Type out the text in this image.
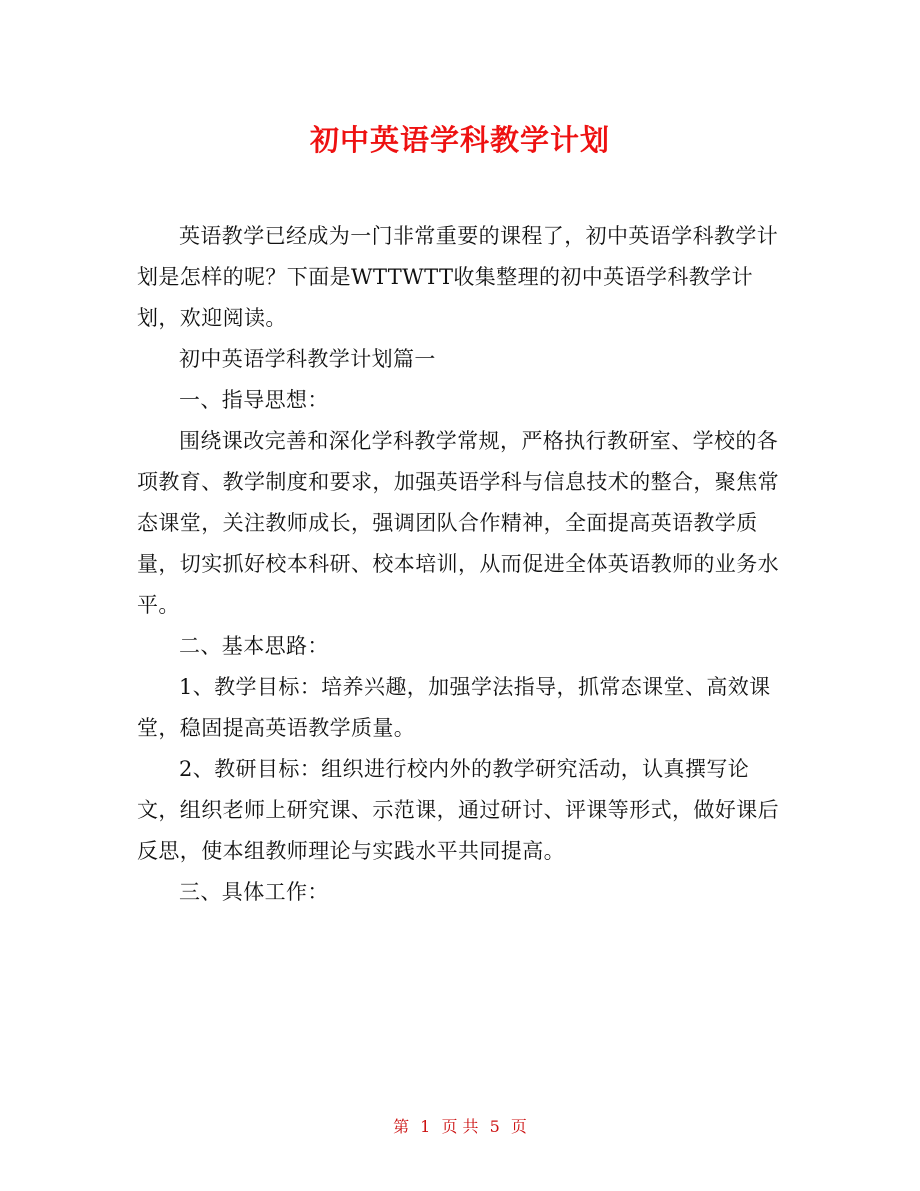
初中英语学科教学计划

英语教学已经成为一门非常重要的课程了，初中英语学科教学计划是怎样的呢？下面是WTTWTT收集整理的初中英语学科教学计划，欢迎阅读。

初中英语学科教学计划篇一

一、指导思想：

围绕课改完善和深化学科教学常规，严格执行教研室、学校的各项教育、教学制度和要求，加强英语学科与信息技术的整合，聚焦常态课堂，关注教师成长，强调团队合作精神，全面提高英语教学质量，切实抓好校本科研、校本培训，从而促进全体英语教师的业务水平。

二、基本思路：

1、教学目标：培养兴趣，加强学法指导，抓常态课堂、高效课堂，稳固提高英语教学质量。

2、教研目标：组织进行校内外的教学研究活动，认真撰写论文，组织老师上研究课、示范课，通过研讨、评课等形式，做好课后反思，使本组教师理论与实践水平共同提高。

三、具体工作：

第 1 页 共 5 页
